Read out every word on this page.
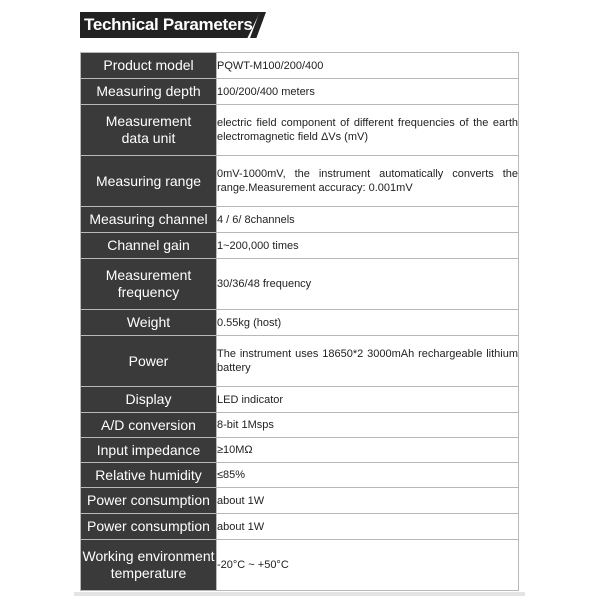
Technical Parameters
Product model	PQWT-M100/200/400
Measuring depth	100/200/400 meters
Measurement
data unit	electric field component of different frequencies of the earth electromagnetic field ΔVs (mV)
Measuring range	0mV-1000mV, the instrument automatically converts the range.Measurement accuracy: 0.001mV
Measuring channel	4 / 6/ 8channels
Channel gain	1~200,000 times
Measurement
frequency	30/36/48 frequency
Weight	0.55kg (host)
Power	The instrument uses 18650*2 3000mAh rechargeable lithium battery
Display	LED indicator
A/D conversion	8-bit 1Msps
Input impedance	≥10MΩ
Relative humidity	≤85%
Power consumption	about 1W
Power consumption	about 1W
Working environment
temperature	-20°C ~ +50°C
